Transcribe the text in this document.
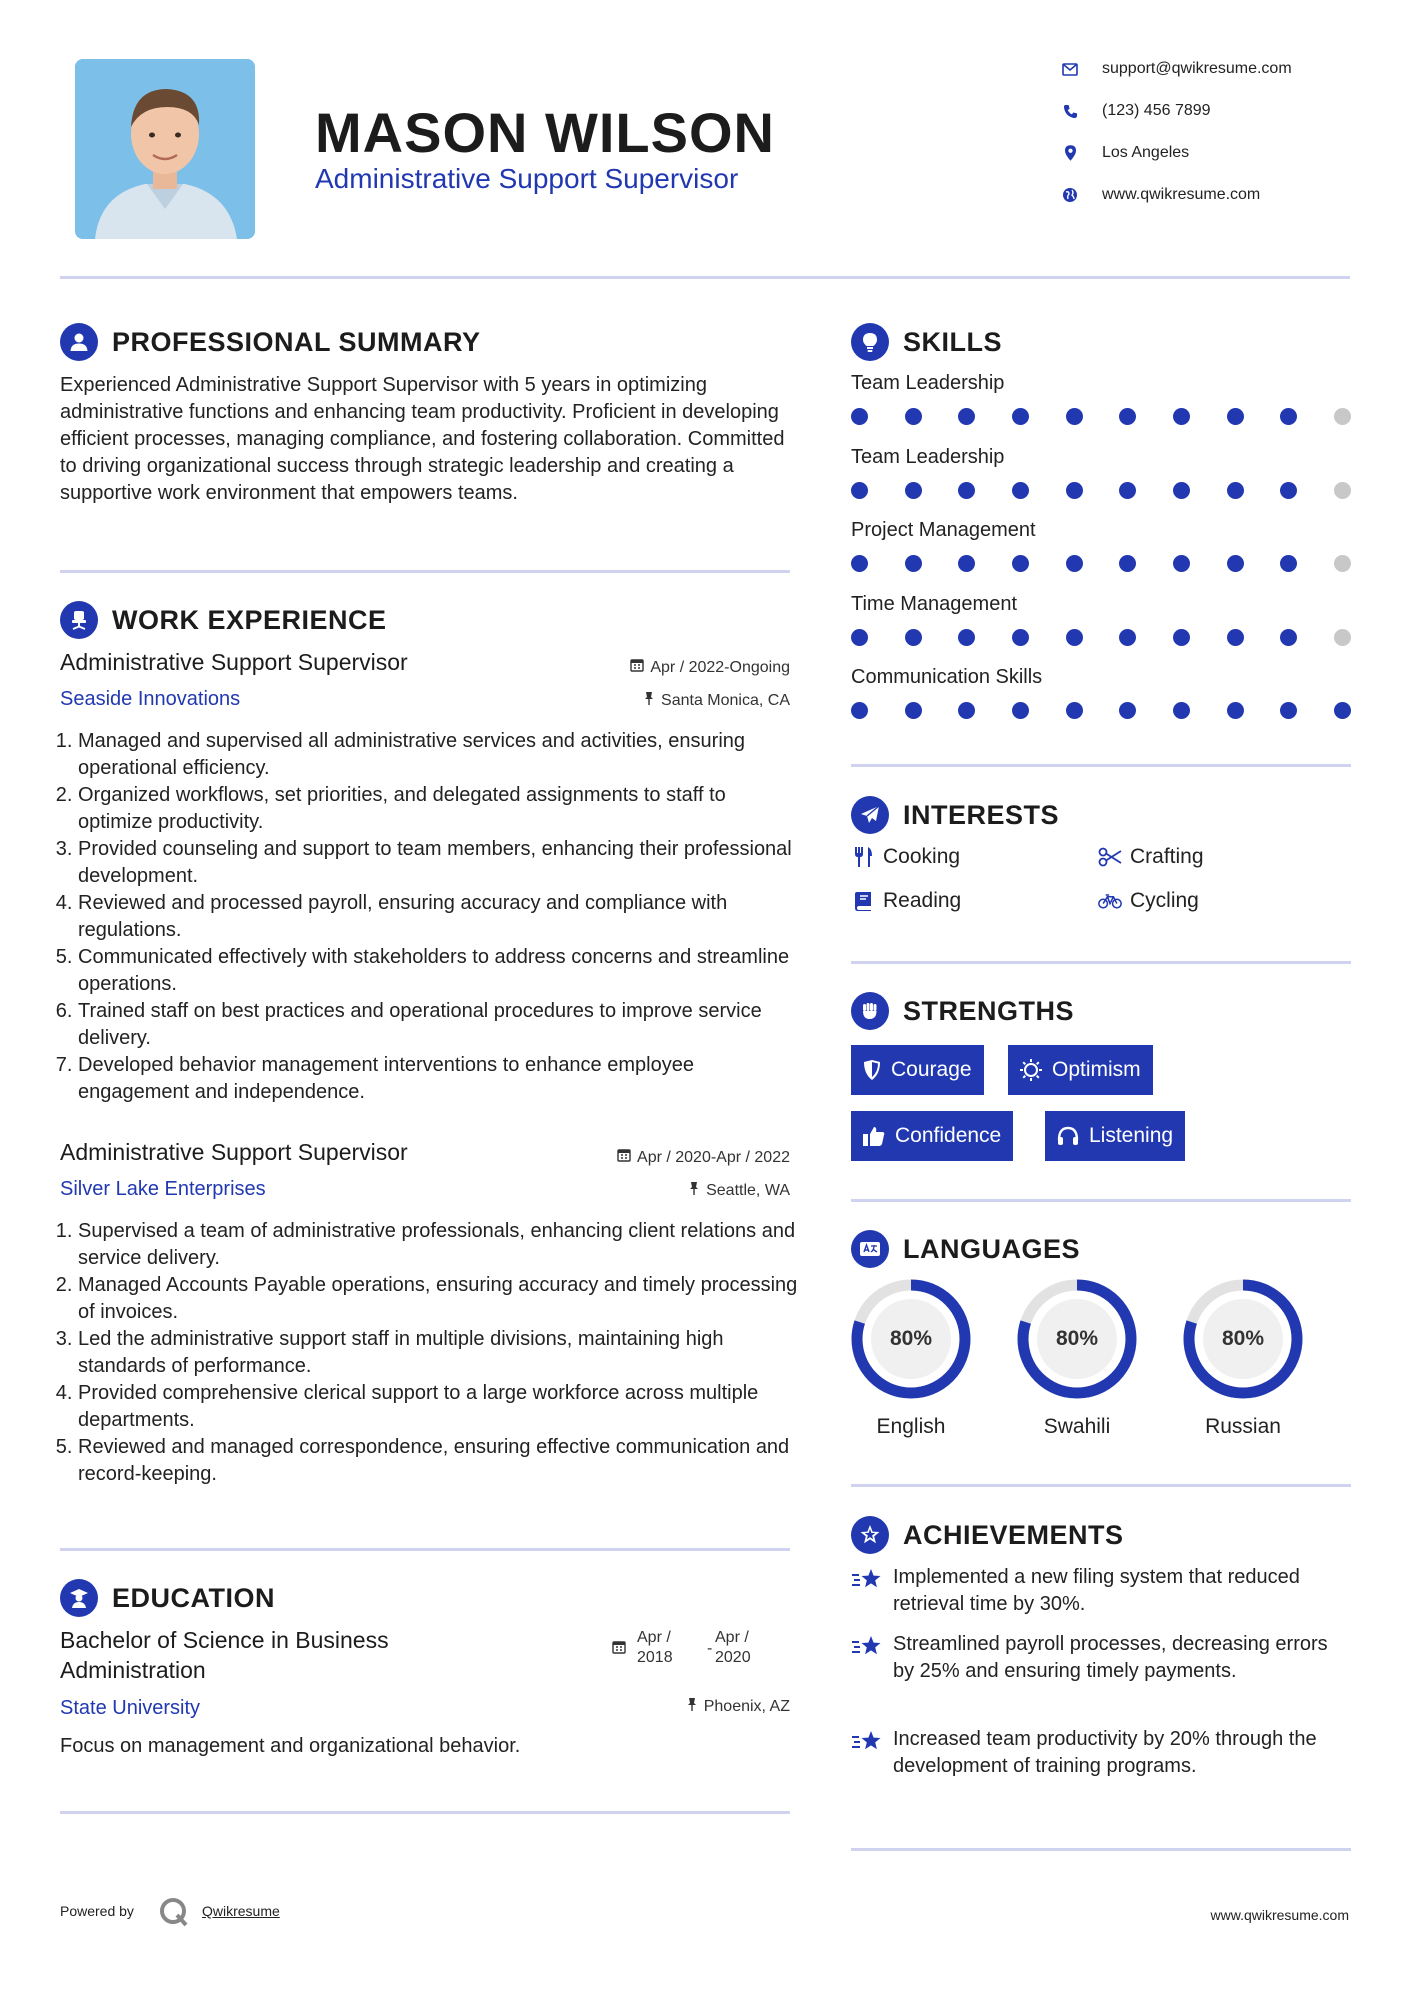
MASON WILSON
Administrative Support Supervisor
support@qwikresume.com
(123) 456 7899
Los Angeles
www.qwikresume.com
PROFESSIONAL SUMMARY
Experienced Administrative Support Supervisor with 5 years in optimizing administrative functions and enhancing team productivity. Proficient in developing efficient processes, managing compliance, and fostering collaboration. Committed to driving organizational success through strategic leadership and creating a supportive work environment that empowers teams.
WORK EXPERIENCE
Administrative Support Supervisor	Apr / 2022-Ongoing
Seaside Innovations	Santa Monica, CA
1. Managed and supervised all administrative services and activities, ensuring operational efficiency.
2. Organized workflows, set priorities, and delegated assignments to staff to optimize productivity.
3. Provided counseling and support to team members, enhancing their professional development.
4. Reviewed and processed payroll, ensuring accuracy and compliance with regulations.
5. Communicated effectively with stakeholders to address concerns and streamline operations.
6. Trained staff on best practices and operational procedures to improve service delivery.
7. Developed behavior management interventions to enhance employee engagement and independence.
Administrative Support Supervisor	Apr / 2020-Apr / 2022
Silver Lake Enterprises	Seattle, WA
1. Supervised a team of administrative professionals, enhancing client relations and service delivery.
2. Managed Accounts Payable operations, ensuring accuracy and timely processing of invoices.
3. Led the administrative support staff in multiple divisions, maintaining high standards of performance.
4. Provided comprehensive clerical support to a large workforce across multiple departments.
5. Reviewed and managed correspondence, ensuring effective communication and record-keeping.
EDUCATION
Bachelor of Science in Business
Administration
Apr /
2018
-
Apr /
2020
State University	Phoenix, AZ
Focus on management and organizational behavior.
SKILLS
Team Leadership
Team Leadership
Project Management
Time Management
Communication Skills
INTERESTS
Cooking	Crafting
Reading	Cycling
STRENGTHS
Courage	Optimism
Confidence	Listening
LANGUAGES
80%
English
80%
Swahili
80%
Russian
ACHIEVEMENTS
Implemented a new filing system that reduced retrieval time by 30%.
Streamlined payroll processes, decreasing errors by 25% and ensuring timely payments.
Increased team productivity by 20% through the development of training programs.
Powered by	Qwikresume	www.qwikresume.com
